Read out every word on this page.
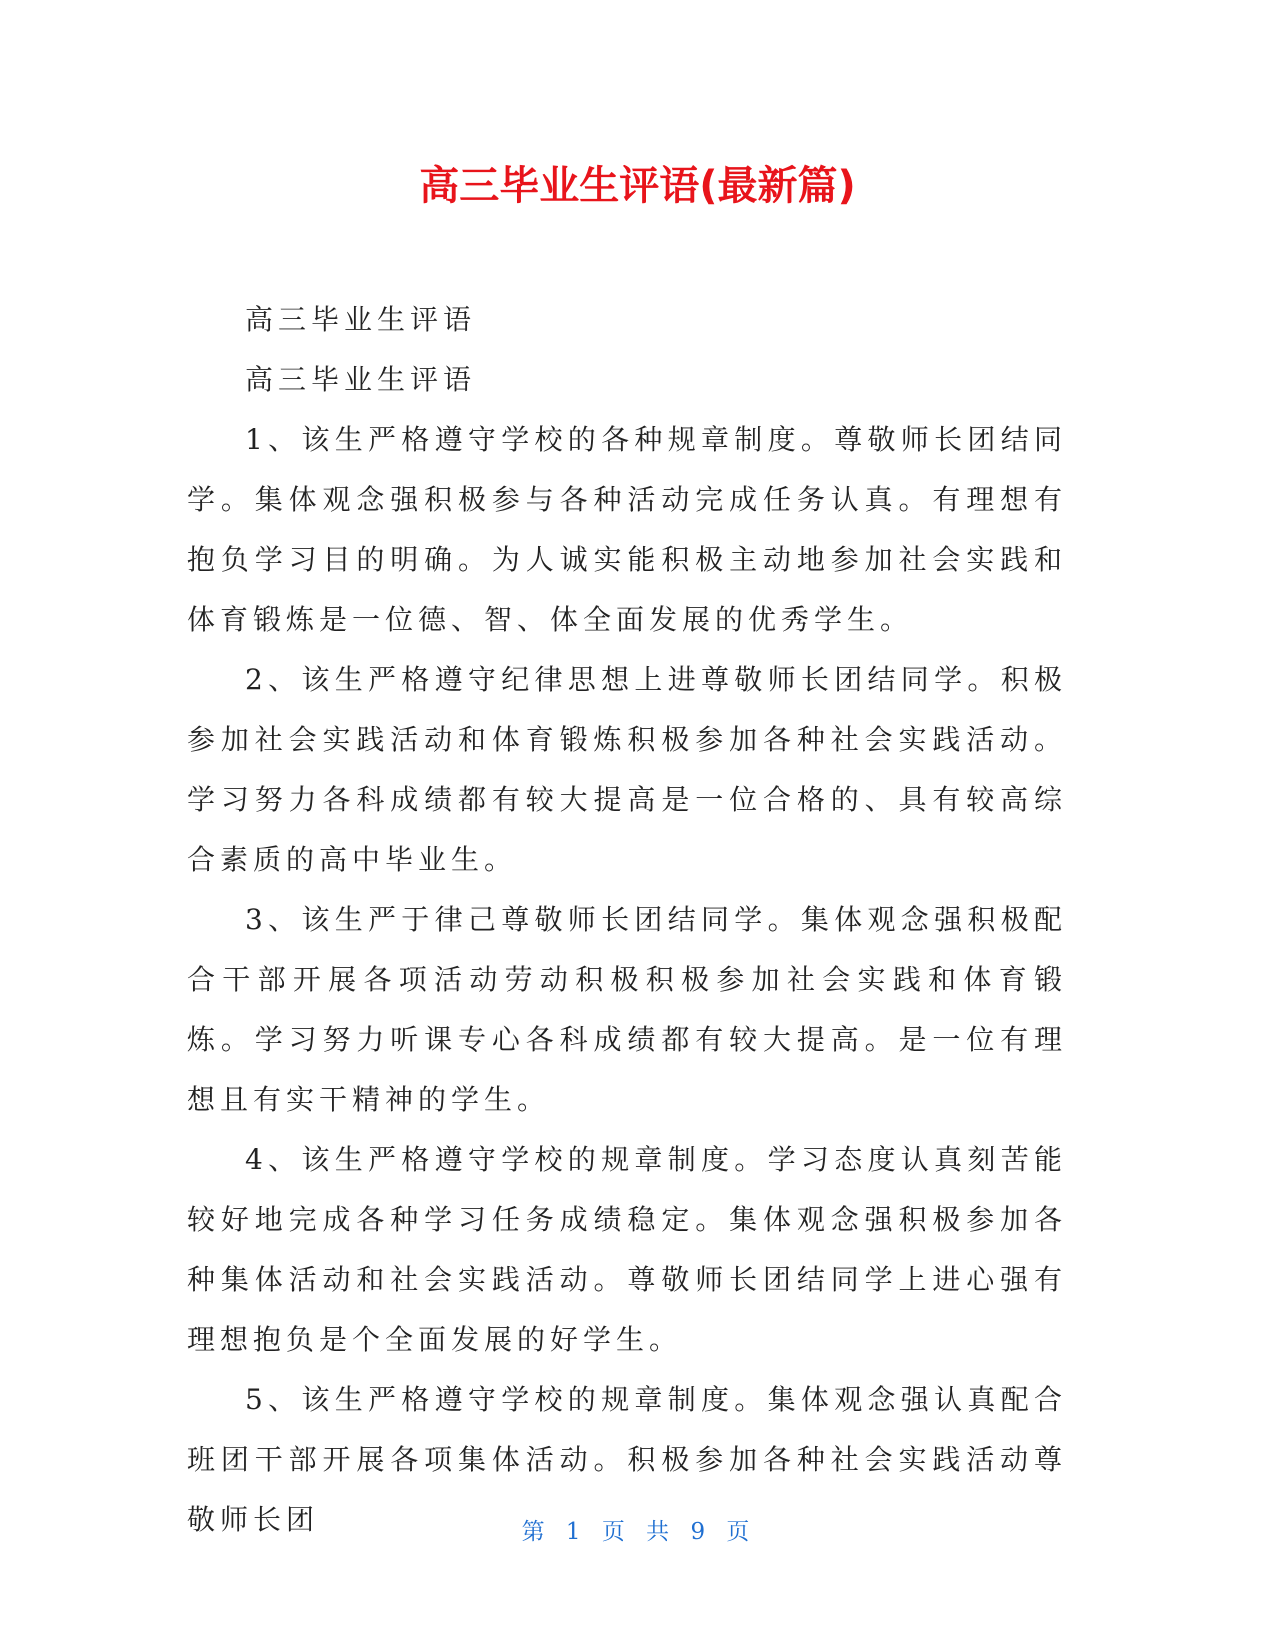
高三毕业生评语(最新篇)

高三毕业生评语

高三毕业生评语

1、该生严格遵守学校的各种规章制度。尊敬师长团结同学。集体观念强积极参与各种活动完成任务认真。有理想有抱负学习目的明确。为人诚实能积极主动地参加社会实践和体育锻炼是一位德、智、体全面发展的优秀学生。

2、该生严格遵守纪律思想上进尊敬师长团结同学。积极参加社会实践活动和体育锻炼积极参加各种社会实践活动。学习努力各科成绩都有较大提高是一位合格的、具有较高综合素质的高中毕业生。

3、该生严于律己尊敬师长团结同学。集体观念强积极配合干部开展各项活动劳动积极积极参加社会实践和体育锻炼。学习努力听课专心各科成绩都有较大提高。是一位有理想且有实干精神的学生。

4、该生严格遵守学校的规章制度。学习态度认真刻苦能较好地完成各种学习任务成绩稳定。集体观念强积极参加各种集体活动和社会实践活动。尊敬师长团结同学上进心强有理想抱负是个全面发展的好学生。

5、该生严格遵守学校的规章制度。集体观念强认真配合班团干部开展各项集体活动。积极参加各种社会实践活动尊敬师长团	第 1 页 共 9 页
